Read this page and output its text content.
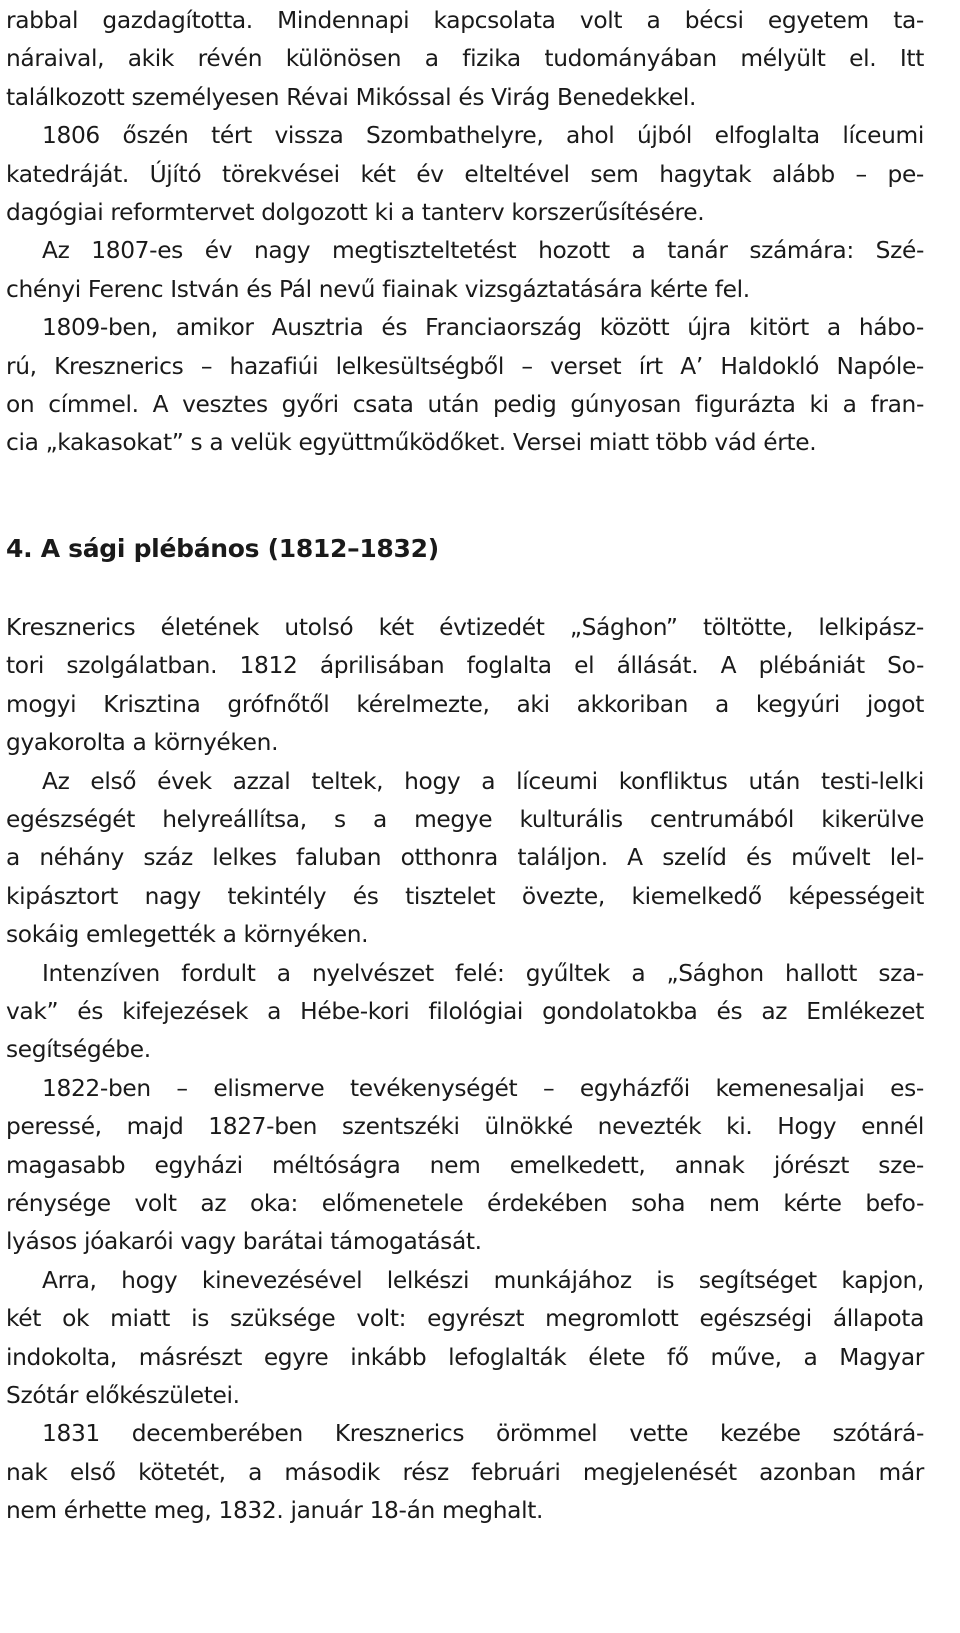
rabbal gazdagította. Mindennapi kapcsolata volt a bécsi egyetem ta-
náraival, akik révén különösen a fizika tudományában mélyült el. Itt
találkozott személyesen Révai Mikóssal és Virág Benedekkel.
1806 őszén tért vissza Szombathelyre, ahol újból elfoglalta líceumi
katedráját. Újító törekvései két év elteltével sem hagytak alább – pe-
dagógiai reformtervet dolgozott ki a tanterv korszerűsítésére.
Az 1807-es év nagy megtiszteltetést hozott a tanár számára: Szé-
chényi Ferenc István és Pál nevű fiainak vizsgáztatására kérte fel.
1809-ben, amikor Ausztria és Franciaország között újra kitört a hábo-
rú, Kresznerics – hazafiúi lelkesültségből – verset írt A’ Haldokló Napóle-
on címmel. A vesztes győri csata után pedig gúnyosan figurázta ki a fran-
cia „kakasokat” s a velük együttműködőket. Versei miatt több vád érte.
4. A sági plébános (1812–1832)
Kresznerics életének utolsó két évtizedét „Sághon” töltötte, lelkipász-
tori szolgálatban. 1812 áprilisában foglalta el állását. A plébániát So-
mogyi Krisztina grófnőtől kérelmezte, aki akkoriban a kegyúri jogot
gyakorolta a környéken.
Az első évek azzal teltek, hogy a líceumi konfliktus után testi-lelki
egészségét helyreállítsa, s a megye kulturális centrumából kikerülve
a néhány száz lelkes faluban otthonra találjon. A szelíd és művelt lel-
kipásztort nagy tekintély és tisztelet övezte, kiemelkedő képességeit
sokáig emlegették a környéken.
Intenzíven fordult a nyelvészet felé: gyűltek a „Sághon hallott sza-
vak” és kifejezések a Hébe-kori filológiai gondolatokba és az Emlékezet
segítségébe.
1822-ben – elismerve tevékenységét – egyházfői kemenesaljai es-
peressé, majd 1827-ben szentszéki ülnökké nevezték ki. Hogy ennél
magasabb egyházi méltóságra nem emelkedett, annak jórészt sze-
rénysége volt az oka: előmenetele érdekében soha nem kérte befo-
lyásos jóakarói vagy barátai támogatását.
Arra, hogy kinevezésével lelkészi munkájához is segítséget kapjon,
két ok miatt is szüksége volt: egyrészt megromlott egészségi állapota
indokolta, másrészt egyre inkább lefoglalták élete fő műve, a Magyar
Szótár előkészületei.
1831 decemberében Kresznerics örömmel vette kezébe szótárá-
nak első kötetét, a második rész februári megjelenését azonban már
nem érhette meg, 1832. január 18-án meghalt.
